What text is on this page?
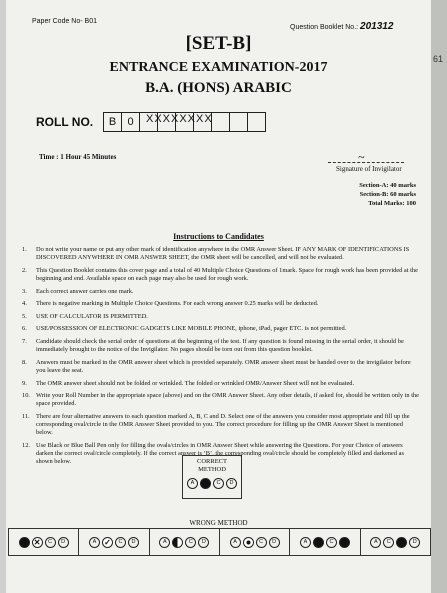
Paper Code No- B01
Question Booklet No.: 201312
[SET-B]
ENTRANCE EXAMINATION-2017
B.A. (HONS) ARABIC
ROLL NO.	B	0	XXXXXXXX
Time : 1 Hour 45 Minutes	~
Signature of Invigilator
Section-A: 40 marks
Section-B: 60 marks
Total Marks: 100
Instructions to Candidates
1.	Do not write your name or put any other mark of identification anywhere in the OMR Answer Sheet. IF ANY MARK OF IDENTIFICATIONS IS DISCOVERED ANYWHERE IN OMR ANSWER SHEET, the OMR sheet will be cancelled, and will not be evaluated.
2.	This Question Booklet contains this cover page and a total of 40 Multiple Choice Questions of 1mark. Space for rough work has been provided at the beginning and end. Available space on each page may also be used for rough work.
3.	Each correct answer carries one mark.
4.	There is negative marking in Multiple Choice Questions. For each wrong answer 0.25 marks will be deducted.
5.	USE OF CALCULATOR IS PERMITTED.
6.	USE/POSSESSION OF ELECTRONIC GADGETS LIKE MOBILE PHONE, iphone, iPad, pager ETC. is not permitted.
7.	Candidate should check the serial order of questions at the beginning of the test. If any question is found missing in the serial order, it should be immediately brought to the notice of the Invigilator. No pages should be torn out from this question booklet.
8.	Answers must be marked in the OMR answer sheet which is provided separately. OMR answer sheet must be handed over to the invigilator before you leave the seat.
9.	The OMR answer sheet should not be folded or wrinkled. The folded or wrinkled OMR/Answer Sheet will not be evaluated.
10. Write your Roll Number in the appropriate space (above) and on the OMR Answer Sheet. Any other details, if asked for, should be written only in the space provided.
11. There are four alternative answers to each question marked A, B, C and D. Select one of the answers you consider most appropriate and fill up the corresponding oval/circle in the OMR Answer Sheet provided to you. The correct procedure for filling up the OMR Answer Sheet is mentioned below.
12. Use Black or Blue Ball Pen only for filling the ovals/circles in OMR Answer Sheet while answering the Questions. For your Choice of answers darken the correct oval/circle completely. If the correct answer is ‘B’, the corresponding oval/circle should be completely filled and darkened as shown below.	CORRECT METHOD
A	C	D
WRONG METHOD
✕	C	D	A ✓	C	D	A	C	D	A	C	D	A	C	A	C	D
61
